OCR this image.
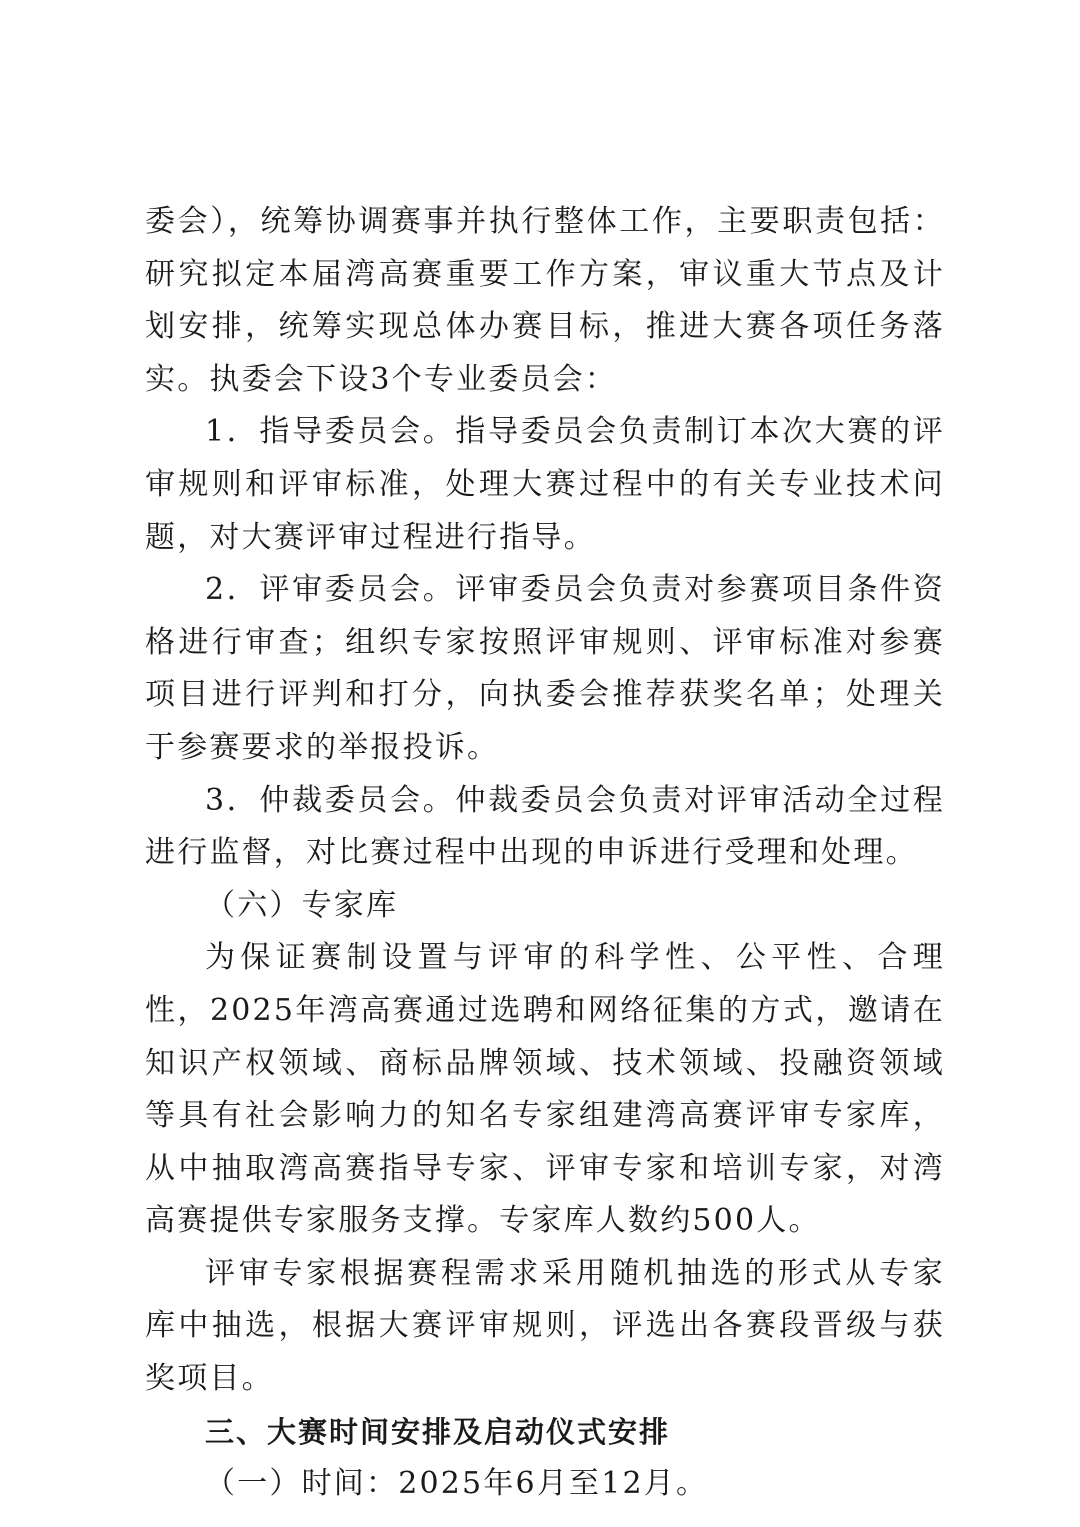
委会），统筹协调赛事并执行整体工作，主要职责包括：研究拟定本届湾高赛重要工作方案，审议重大节点及计划安排，统筹实现总体办赛目标，推进大赛各项任务落实。执委会下设3个专业委员会：

1．指导委员会。指导委员会负责制订本次大赛的评审规则和评审标准，处理大赛过程中的有关专业技术问题，对大赛评审过程进行指导。

2．评审委员会。评审委员会负责对参赛项目条件资格进行审查；组织专家按照评审规则、评审标准对参赛项目进行评判和打分，向执委会推荐获奖名单；处理关于参赛要求的举报投诉。

3．仲裁委员会。仲裁委员会负责对评审活动全过程进行监督，对比赛过程中出现的申诉进行受理和处理。

（六）专家库

为保证赛制设置与评审的科学性、公平性、合理性，2025年湾高赛通过选聘和网络征集的方式，邀请在知识产权领域、商标品牌领域、技术领域、投融资领域等具有社会影响力的知名专家组建湾高赛评审专家库，从中抽取湾高赛指导专家、评审专家和培训专家，对湾高赛提供专家服务支撑。专家库人数约500人。

评审专家根据赛程需求采用随机抽选的形式从专家库中抽选，根据大赛评审规则，评选出各赛段晋级与获奖项目。

三、大赛时间安排及启动仪式安排

（一）时间：2025年6月至12月。
